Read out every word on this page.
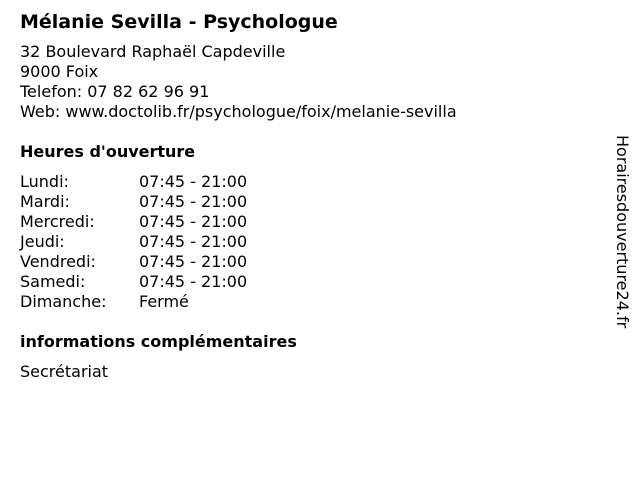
Mélanie Sevilla - Psychologue
32 Boulevard Raphaël Capdeville
9000 Foix
Telefon: 07 82 62 96 91
Web: www.doctolib.fr/psychologue/foix/melanie-sevilla
Heures d'ouverture
Lundi:	07:45 - 21:00
Mardi:	07:45 - 21:00
Mercredi:	07:45 - 21:00
Jeudi:	07:45 - 21:00
Vendredi:	07:45 - 21:00
Samedi:	07:45 - 21:00
Dimanche:	Fermé
informations complémentaires
Secrétariat
Horairesdouverture24.fr
